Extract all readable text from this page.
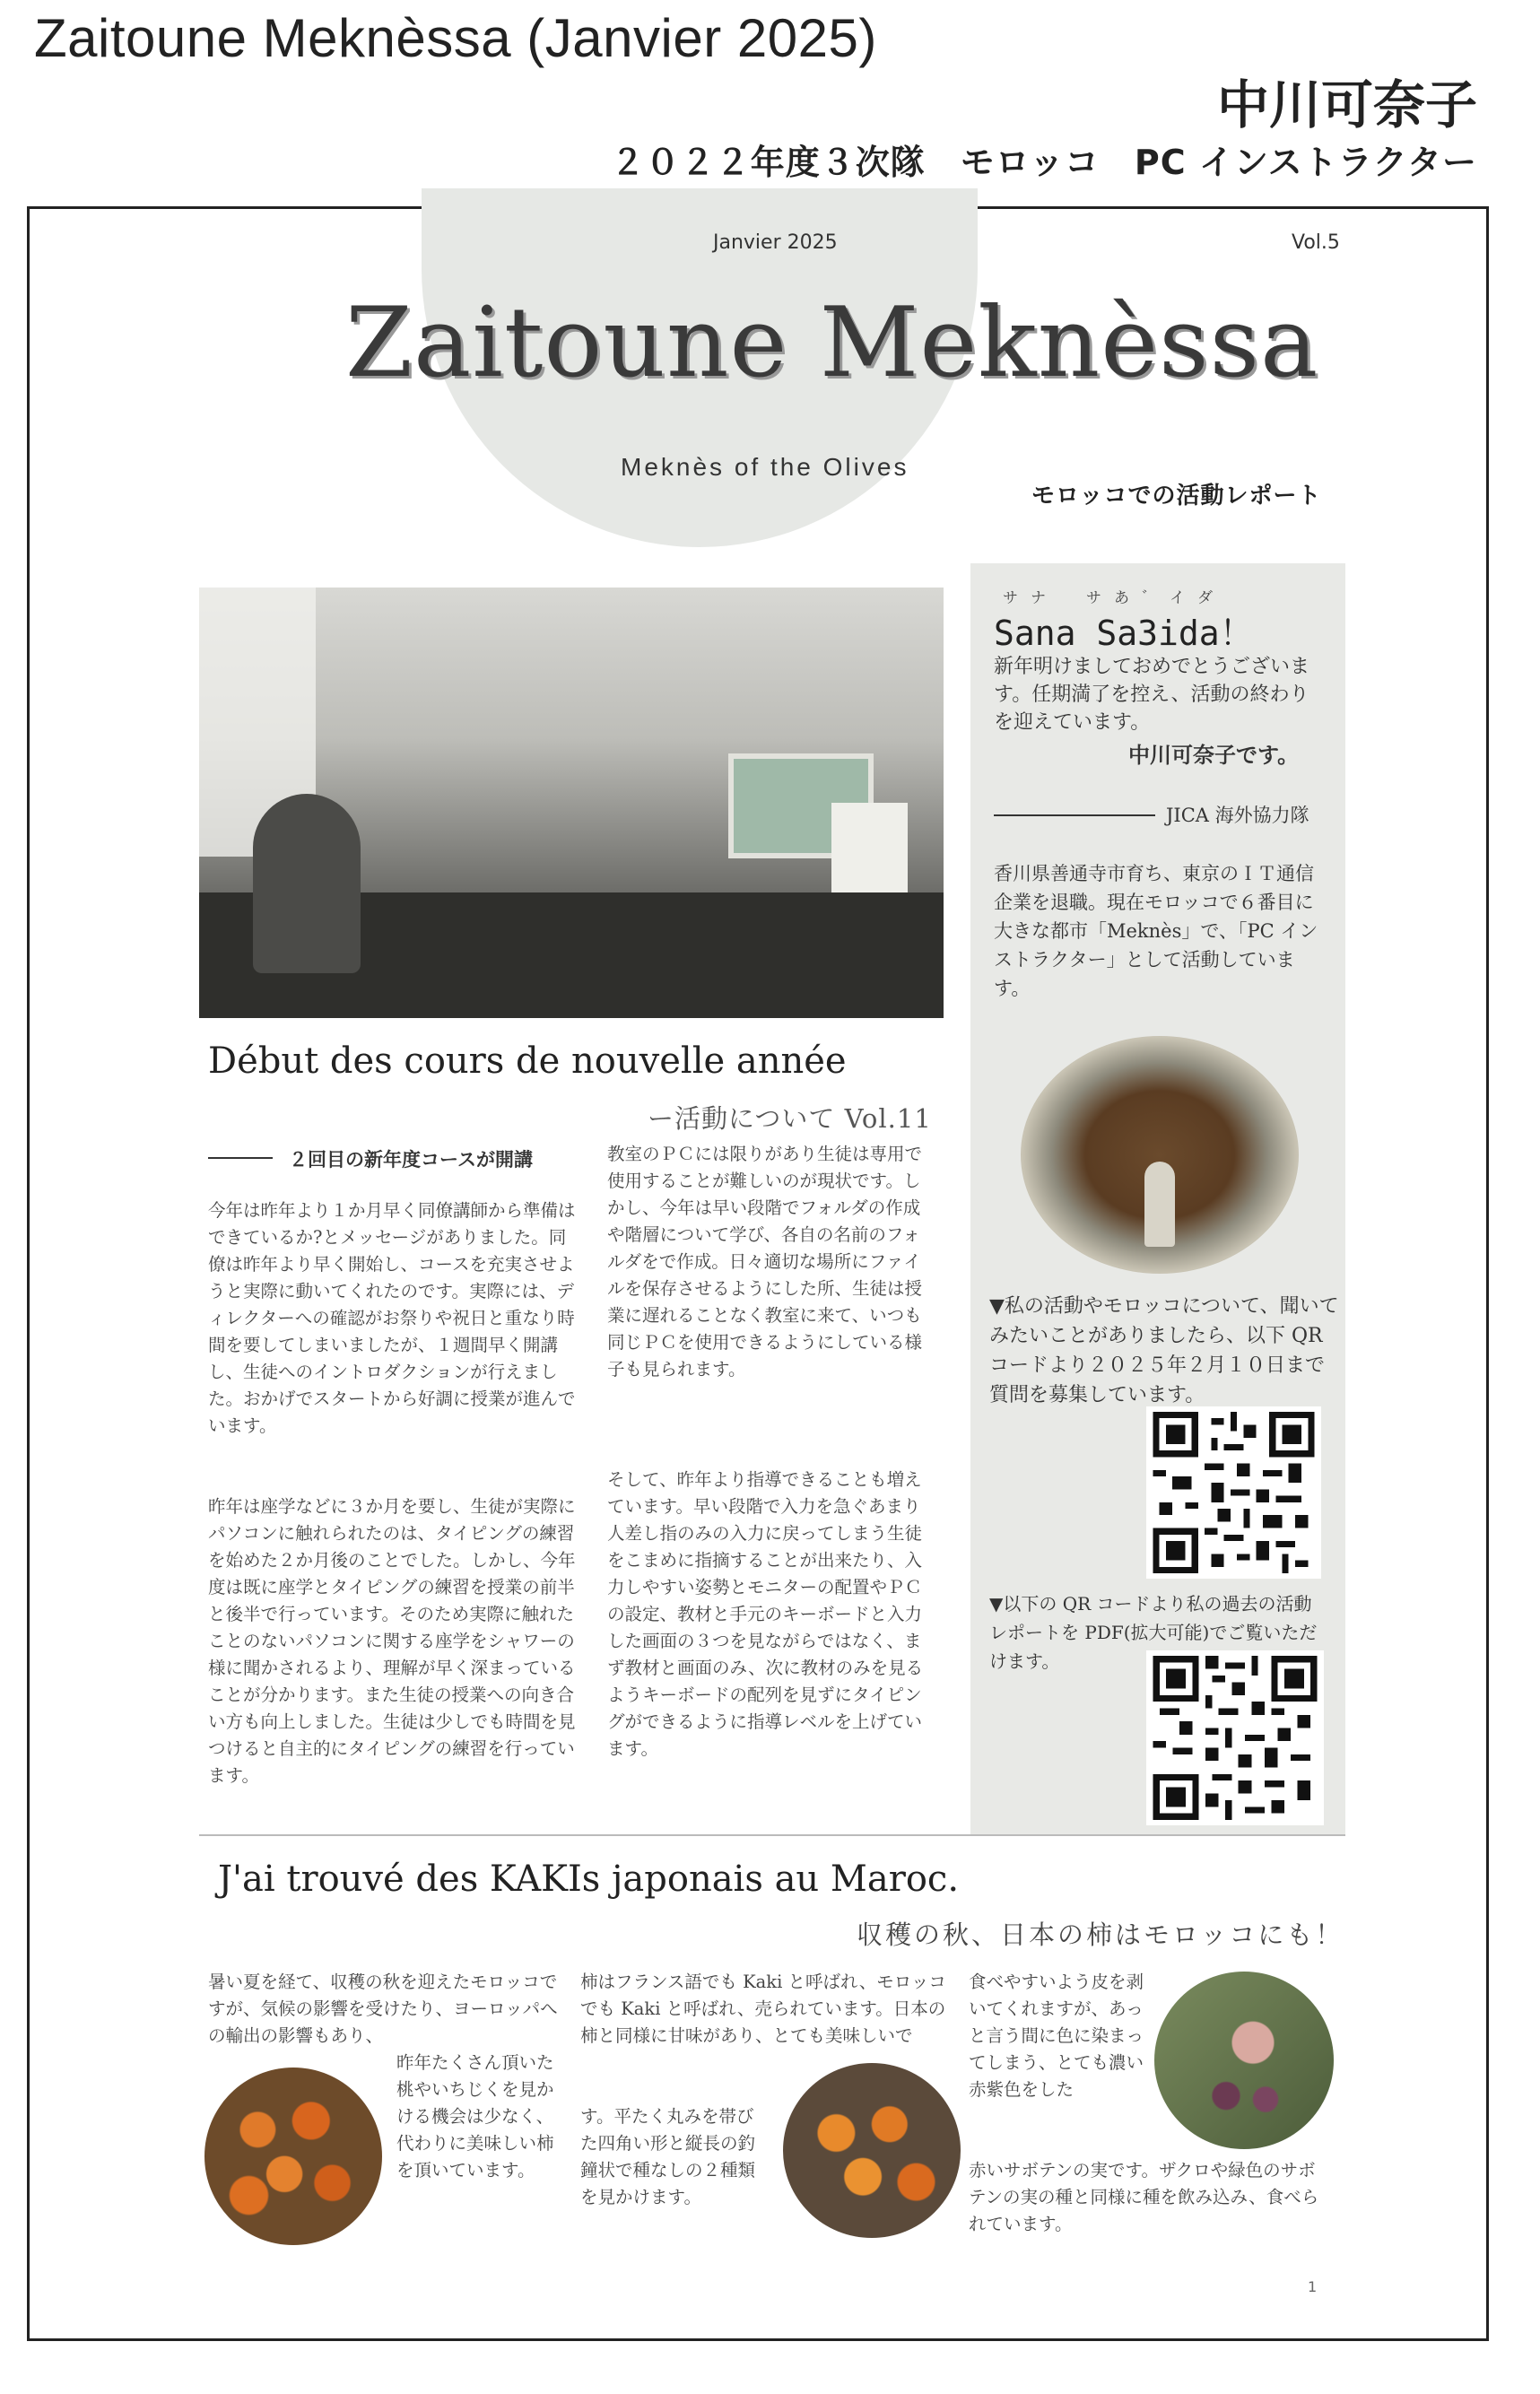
Zaitoune Meknèssa (Janvier 2025)
中川可奈子
２０２２年度３次隊　モロッコ　PC インストラクター
Janvier 2025	Vol.5
Zaitoune Meknèssa
Meknès of the Olives
モロッコでの活動レポート
サナ　サあ゛イダ
Sana Sa3ida！
新年明けましておめでとうございます。任期満了を控え、活動の終わりを迎えています。
中川可奈子です。
JICA 海外協力隊
香川県善通寺市育ち、東京のＩＴ通信企業を退職。現在モロッコで６番目に大きな都市「Meknès」で、「PC インストラクター」として活動しています。
▼私の活動やモロッコについて、聞いてみたいことがありましたら、以下 QR コードより２０２５年２月１０日まで質問を募集しています。
▼以下の QR コードより私の過去の活動レポートを PDF(拡大可能)でご覧いただけます。
Début des cours de nouvelle année
ー活動について Vol.11
２回目の新年度コースが開講
今年は昨年より１か月早く同僚講師から準備はできているか?とメッセージがありました。同僚は昨年より早く開始し、コースを充実させようと実際に動いてくれたのです。実際には、ディレクターへの確認がお祭りや祝日と重なり時間を要してしまいましたが、１週間早く開講し、生徒へのイントロダクションが行えました。おかげでスタートから好調に授業が進んでいます。
昨年は座学などに３か月を要し、生徒が実際にパソコンに触れられたのは、タイピングの練習を始めた２か月後のことでした。しかし、今年度は既に座学とタイピングの練習を授業の前半と後半で行っています。そのため実際に触れたことのないパソコンに関する座学をシャワーの様に聞かされるより、理解が早く深まっていることが分かります。また生徒の授業への向き合い方も向上しました。生徒は少しでも時間を見つけると自主的にタイピングの練習を行っています。
教室のＰＣには限りがあり生徒は専用で使用することが難しいのが現状です。しかし、今年は早い段階でフォルダの作成や階層について学び、各自の名前のフォルダをで作成。日々適切な場所にファイルを保存させるようにした所、生徒は授業に遅れることなく教室に来て、いつも同じＰＣを使用できるようにしている様子も見られます。
そして、昨年より指導できることも増えています。早い段階で入力を急ぐあまり人差し指のみの入力に戻ってしまう生徒をこまめに指摘することが出来たり、入力しやすい姿勢とモニターの配置やＰＣの設定、教材と手元のキーボードと入力した画面の３つを見ながらではなく、まず教材と画面のみ、次に教材のみを見るようキーボードの配列を見ずにタイピングができるように指導レベルを上げています。
J'ai trouvé des KAKIs japonais au Maroc.
収穫の秋、日本の柿はモロッコにも！
暑い夏を経て、収穫の秋を迎えたモロッコですが、気候の影響を受けたり、ヨーロッパへの輸出の影響もあり、
昨年たくさん頂いた桃やいちじくを見かける機会は少なく、代わりに美味しい柿を頂いています。
柿はフランス語でも Kaki と呼ばれ、モロッコでも Kaki と呼ばれ、売られています。日本の柿と同様に甘味があり、とても美味しいで
す。平たく丸みを帯びた四角い形と縦長の釣鐘状で種なしの２種類を見かけます。
食べやすいよう皮を剥いてくれますが、あっと言う間に色に染まってしまう、とても濃い赤紫色をした
赤いサボテンの実です。ザクロや緑色のサボテンの実の種と同様に種を飲み込み、食べられています。
1
